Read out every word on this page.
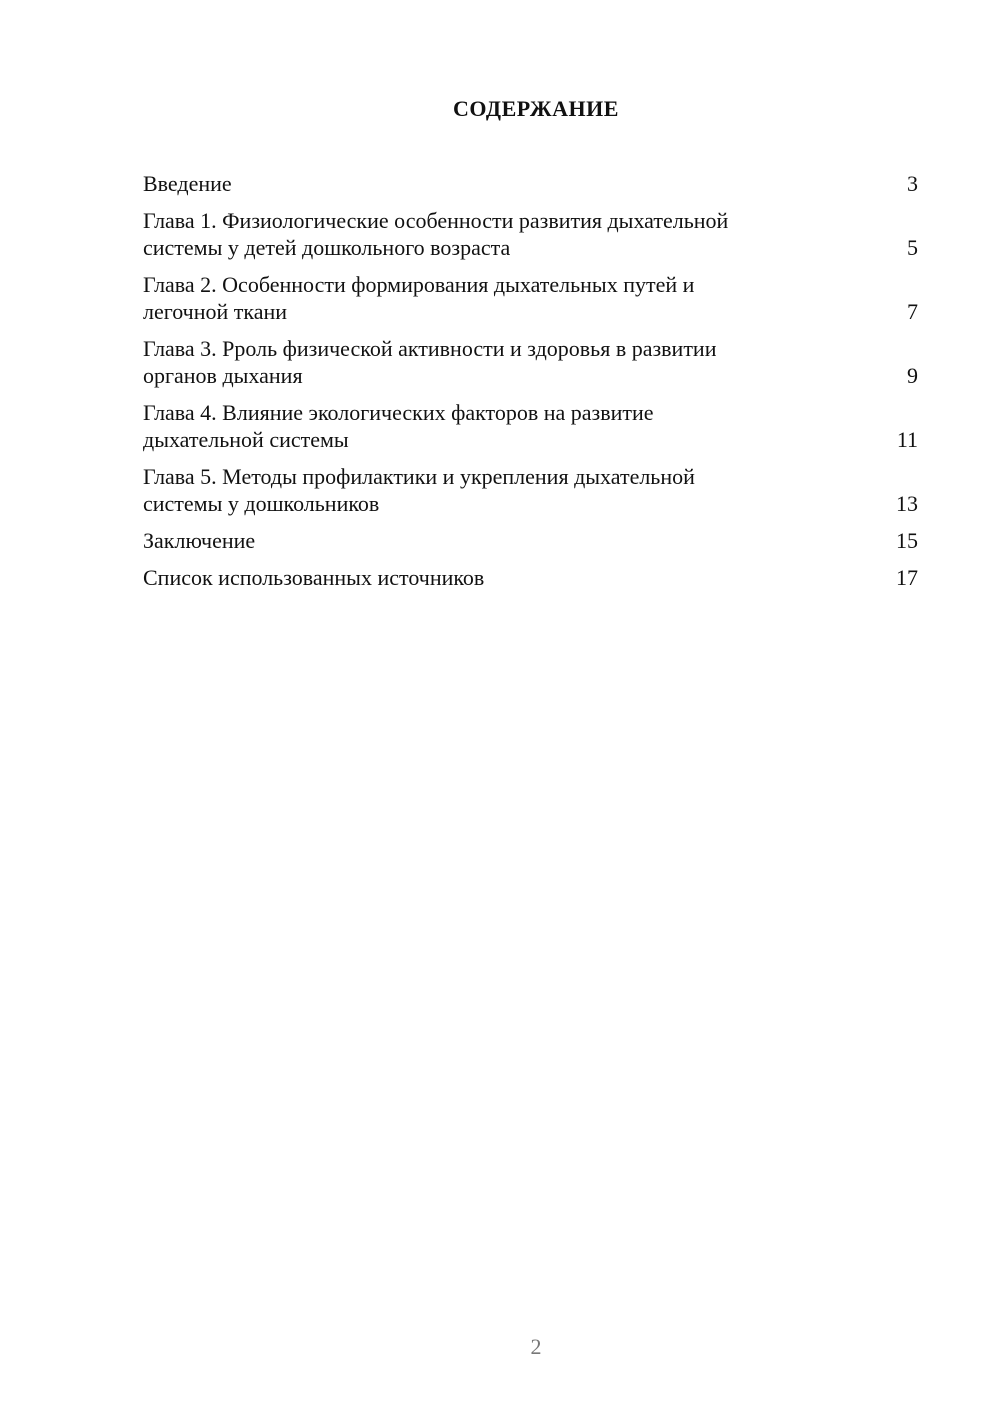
СОДЕРЖАНИЕ
Введение	3
Глава 1. Физиологические особенности развития дыхательной
системы у детей дошкольного возраста	5
Глава 2. Особенности формирования дыхательных путей и
легочной ткани	7
Глава 3. Рроль физической активности и здоровья в развитии
органов дыхания	9
Глава 4. Влияние экологических факторов на развитие
дыхательной системы	11
Глава 5. Методы профилактики и укрепления дыхательной
системы у дошкольников	13
Заключение	15
Список использованных источников	17
2
